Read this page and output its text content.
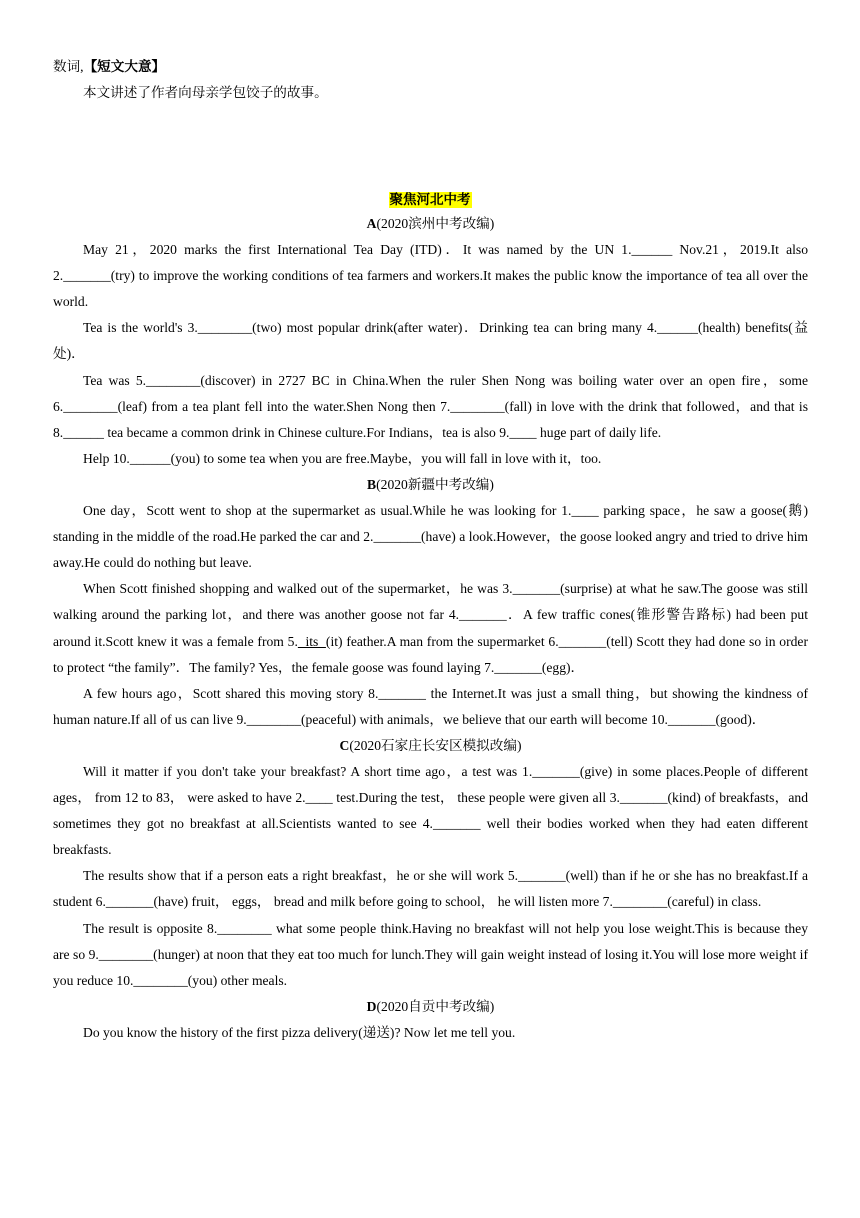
数词,【短文大意】
本文讲述了作者向母亲学包饺子的故事。
聚焦河北中考

A(2020滨州中考改编)

May 21，2020 marks the first International Tea Day (ITD)．It was named by the UN 1.______ Nov.21，2019.It also 2._______(try) to improve the working conditions of tea farmers and workers.It makes the public know the importance of tea all over the world.

Tea is the world's 3.________(two) most popular drink(after water)．Drinking tea can bring many 4.______(health) benefits(益处)．

Tea was 5.________(discover) in 2727 BC in China.When the ruler Shen Nong was boiling water over an open fire，some 6.________(leaf) from a tea plant fell into the water.Shen Nong then 7.________(fall) in love with the drink that followed，and that is 8.______ tea became a common drink in Chinese culture.For Indians，tea is also 9.____ huge part of daily life.

Help 10.______(you) to some tea when you are free.Maybe，you will fall in love with it，too.

B(2020新疆中考改编)

One day，Scott went to shop at the supermarket as usual.While he was looking for 1.____ parking space，he saw a goose(鹅) standing in the middle of the road.He parked the car and 2._______(have) a look.However，the goose looked angry and tried to drive him away.He could do nothing but leave.

When Scott finished shopping and walked out of the supermarket，he was 3._______(surprise) at what he saw.The goose was still walking around the parking lot，and there was another goose not far 4._______．A few traffic cones(锥形警告路标) had been put around it.Scott knew it was a female from 5.  its  (it) feather.A man from the supermarket 6._______(tell) Scott they had done so in order to protect “the family”．The family? Yes，the female goose was found laying 7._______(egg)．

A few hours ago，Scott shared this moving story 8._______ the Internet.It was just a small thing，but showing the kindness of human nature.If all of us can live 9.________(peaceful) with animals，we believe that our earth will become 10._______(good)．

C(2020石家庄长安区模拟改编)

Will it matter if you don't take your breakfast? A short time ago，a test was 1._______(give) in some places.People of different ages， from 12 to 83， were asked to have 2.____ test.During the test， these people were given all 3._______(kind) of breakfasts，and sometimes they got no breakfast at all.Scientists wanted to see 4._______ well their bodies worked when they had eaten different breakfasts.

The results show that if a person eats a right breakfast，he or she will work 5._______(well) than if he or she has no breakfast.If a student 6._______(have) fruit， eggs， bread and milk before going to school， he will listen more 7.________(careful) in class.

The result is opposite 8.________ what some people think.Having no breakfast will not help you lose weight.This is because they are so 9.________(hunger) at noon that they eat too much for lunch.They will gain weight instead of losing it.You will lose more weight if you reduce 10.________(you) other meals.

D(2020自贡中考改编)

Do you know the history of the first pizza delivery(递送)? Now let me tell you.
